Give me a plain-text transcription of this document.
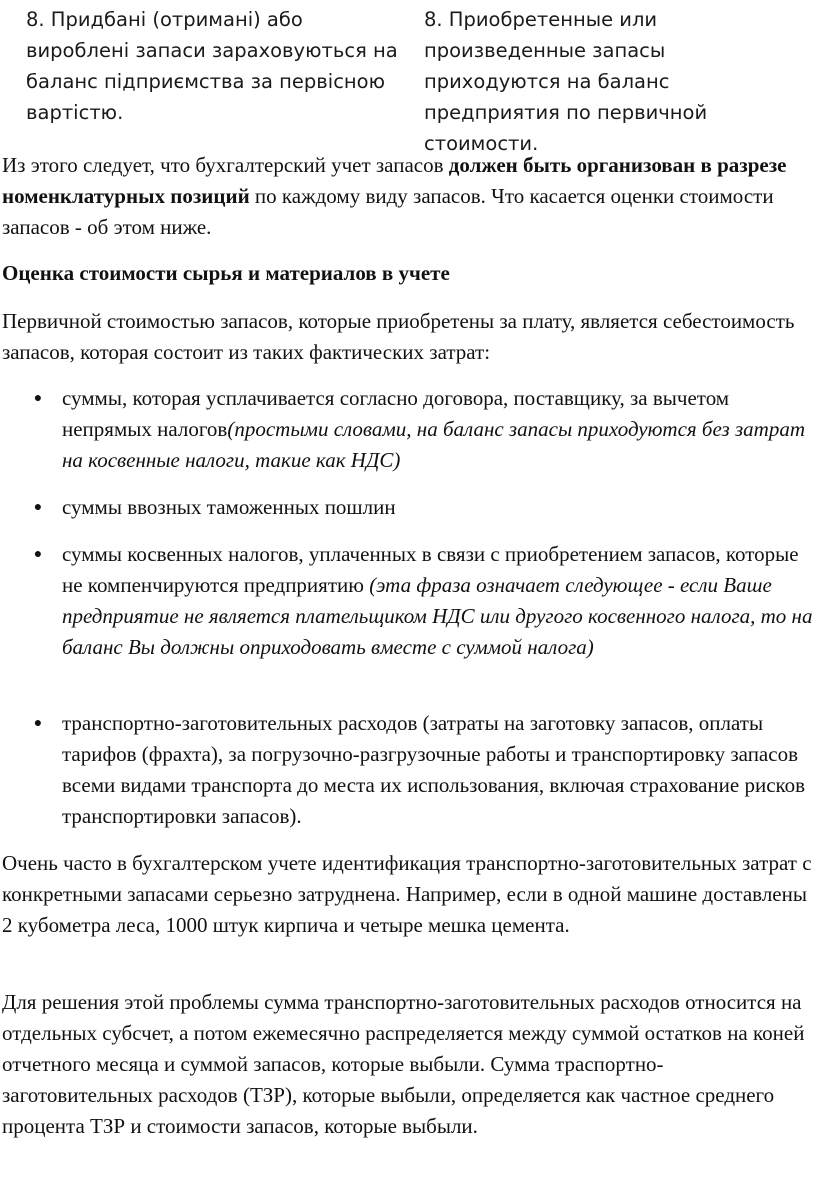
8. Придбані (отримані) або вироблені запаси зараховуються на баланс підприємства за первісною вартістю.
8. Приобретенные или произведенные запасы приходуются на баланс предприятия по первичной стоимости.
Из этого следует, что бухгалтерский учет запасов должен быть организован в разрезе номенклатурных позиций по каждому виду запасов. Что касается оценки стоимости запасов - об этом ниже.
Оценка стоимости сырья и материалов в учете
Первичной стоимостью запасов, которые приобретены за плату, является себестоимость запасов, которая состоит из таких фактических затрат:
● суммы, которая усплачивается согласно договора, поставщику, за вычетом непрямых налогов(простыми словами, на баланс запасы приходуются без затрат на косвенные налоги, такие как НДС)
● суммы ввозных таможенных пошлин
● суммы косвенных налогов, уплаченных в связи с приобретением запасов, которые не компенчируются предприятию (эта фраза означает следующее - если Ваше предприятие не является плательщиком НДС или другого косвенного налога, то на баланс Вы должны оприходовать вместе с суммой налога)
● транспортно-заготовительных расходов (затраты на заготовку запасов, оплаты тарифов (фрахта), за погрузочно-разгрузочные работы и транспортировку запасов всеми видами транспорта до места их использования, включая страхование рисков транспортировки запасов).
Очень часто в бухгалтерском учете идентификация транспортно-заготовительных затрат с конкретными запасами серьезно затруднена. Например, если в одной машине доставлены 2 кубометра леса, 1000 штук кирпича и четыре мешка цемента.
Для решения этой проблемы сумма транспортно-заготовительных расходов относится на отдельных субсчет, а потом ежемесячно распределяется между суммой остатков на коней отчетного месяца и суммой запасов, которые выбыли. Сумма траспортно-заготовительных расходов (ТЗР), которые выбыли, определяется как частное среднего процента ТЗР и стоимости запасов, которые выбыли.
